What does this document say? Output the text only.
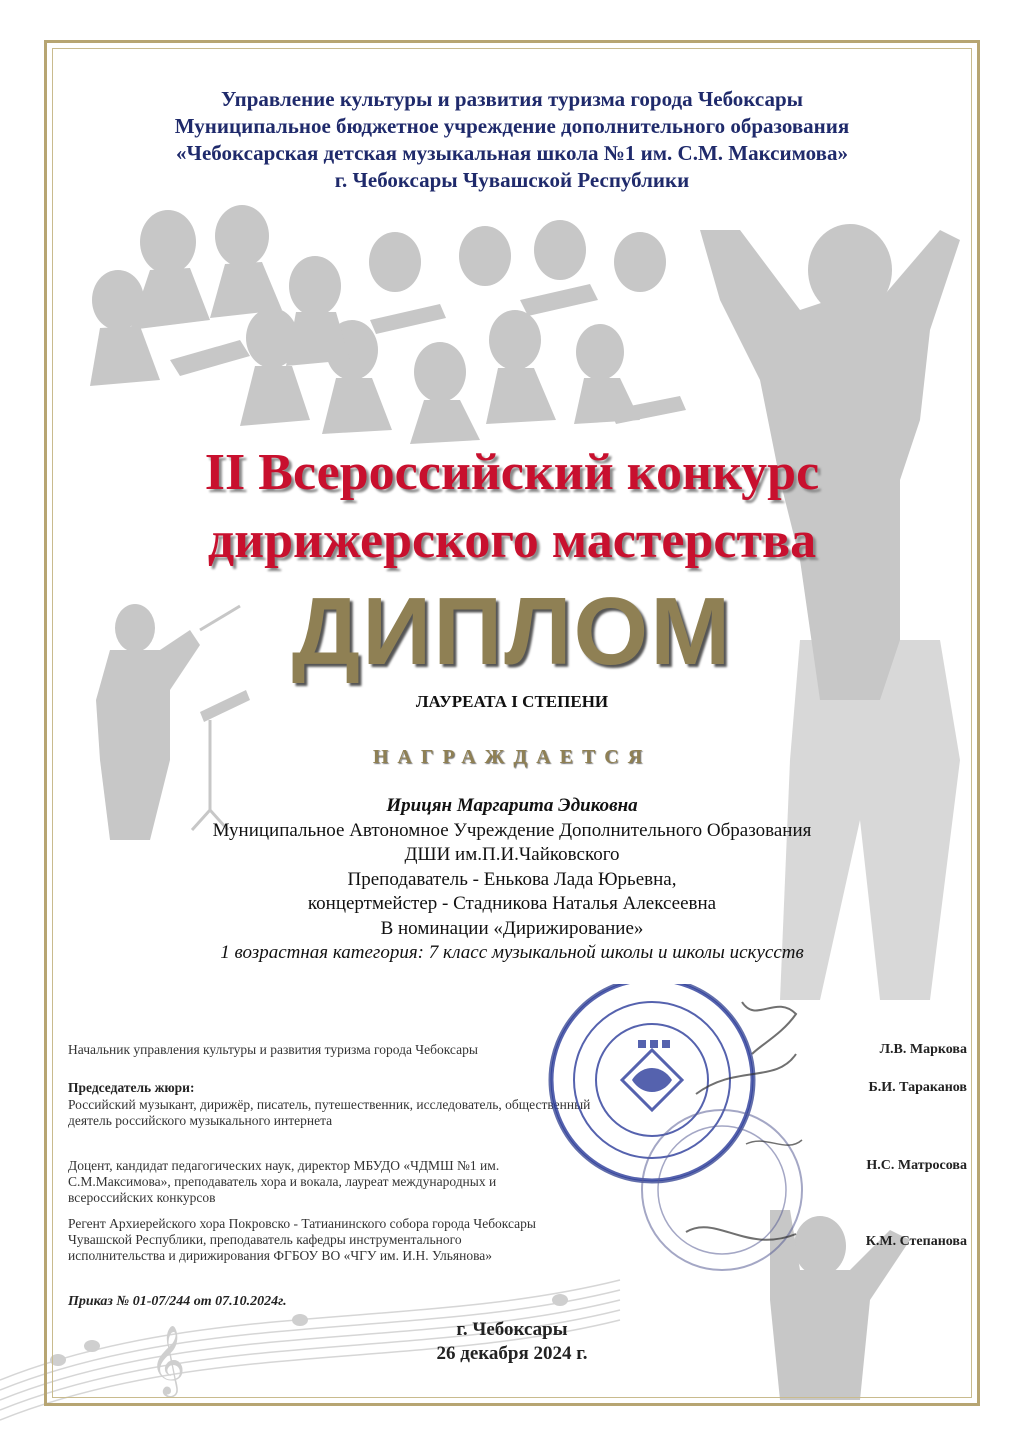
𝄞
Управление культуры и развития туризма города Чебоксары
Муниципальное бюджетное учреждение дополнительного образования
«Чебоксарская детская музыкальная школа №1 им. С.М. Максимова»
г. Чебоксары Чувашской Республики
II Всероссийский конкурс
дирижерского мастерства
ДИПЛОМ
ЛАУРЕАТА I СТЕПЕНИ
НАГРАЖДАЕТСЯ
Ирицян Маргарита Эдиковна
Муниципальное Автономное Учреждение Дополнительного Образования
ДШИ им.П.И.Чайковского
Преподаватель - Енькова Лада Юрьевна,
концертмейстер - Стадникова Наталья Алексеевна
В номинации «Дирижирование»
1 возрастная категория: 7 класс музыкальной школы и школы искусств
Начальник управления культуры и развития туризма города Чебоксары	Л.В. Маркова
Председатель жюри:
Российский музыкант, дирижёр, писатель, путешественник, исследователь, общественный
деятель российского музыкального интернета
Б.И. Тараканов
Доцент, кандидат педагогических наук, директор МБУДО «ЧДМШ №1 им.
С.М.Максимова», преподаватель хора и вокала, лауреат международных и
всероссийских конкурсов
Н.С. Матросова
Регент Архиерейского хора Покровско - Татианинского собора города Чебоксары
Чувашской Республики, преподаватель кафедры инструментального
исполнительства и дирижирования ФГБОУ ВО «ЧГУ им. И.Н. Ульянова»
К.М. Степанова
Приказ № 01-07/244 от 07.10.2024г.
г. Чебоксары
26 декабря 2024 г.
